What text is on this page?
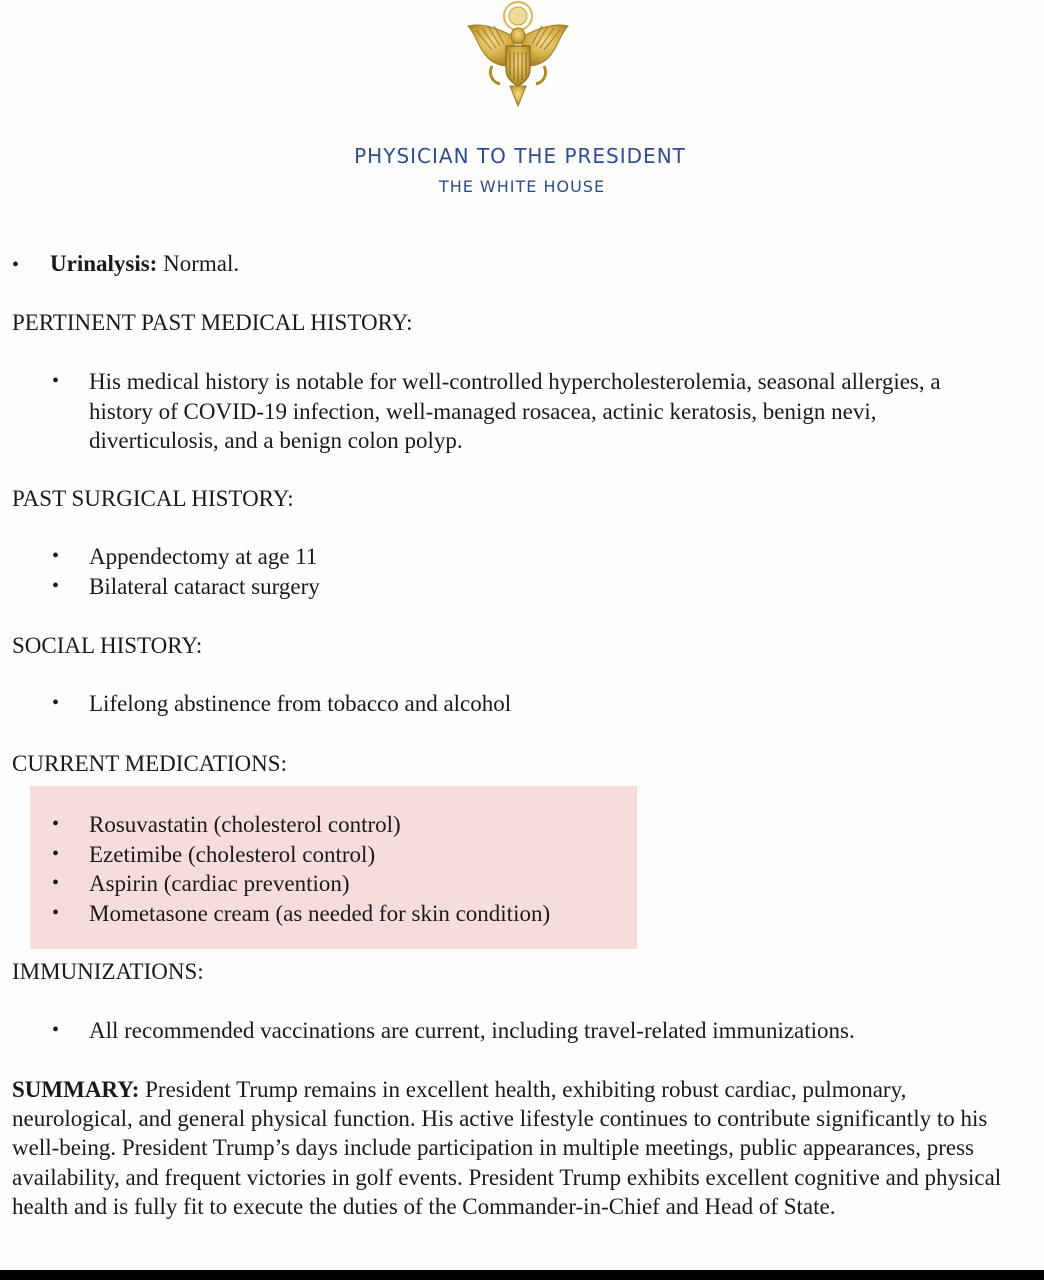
PHYSICIAN TO THE PRESIDENT
THE WHITE HOUSE
• Urinalysis: Normal.
PERTINENT PAST MEDICAL HISTORY:
• His medical history is notable for well-controlled hypercholesterolemia, seasonal allergies, a history of COVID-19 infection, well-managed rosacea, actinic keratosis, benign nevi, diverticulosis, and a benign colon polyp.
PAST SURGICAL HISTORY:
• Appendectomy at age 11
• Bilateral cataract surgery
SOCIAL HISTORY:
• Lifelong abstinence from tobacco and alcohol
CURRENT MEDICATIONS:
• Rosuvastatin (cholesterol control)
• Ezetimibe (cholesterol control)
• Aspirin (cardiac prevention)
• Mometasone cream (as needed for skin condition)
IMMUNIZATIONS:
• All recommended vaccinations are current, including travel-related immunizations.
SUMMARY: President Trump remains in excellent health, exhibiting robust cardiac, pulmonary, neurological, and general physical function. His active lifestyle continues to contribute significantly to his well-being. President Trump’s days include participation in multiple meetings, public appearances, press availability, and frequent victories in golf events. President Trump exhibits excellent cognitive and physical health and is fully fit to execute the duties of the Commander-in-Chief and Head of State.
